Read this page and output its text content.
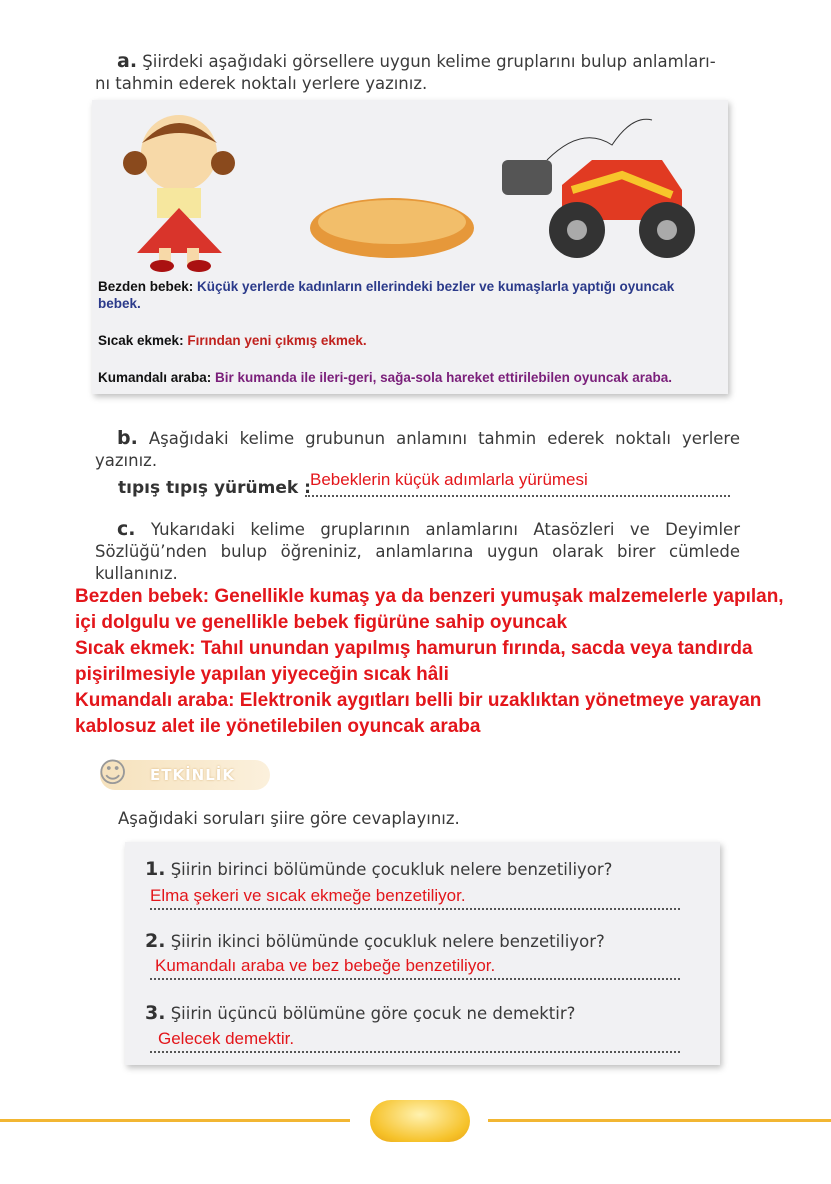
a. Şiirdeki aşağıdaki görsellere uygun kelime gruplarını bulup anlamları-
nı tahmin ederek noktalı yerlere yazınız.
Bezden bebek: Küçük yerlerde kadınların ellerindeki bezler ve kumaşlarla yaptığı oyuncak bebek.
Sıcak ekmek: Fırından yeni çıkmış ekmek.
Kumandalı araba: Bir kumanda ile ileri-geri, sağa-sola hareket ettirilebilen oyuncak araba.
b. Aşağıdaki kelime grubunun anlamını tahmin ederek noktalı yerlere yazınız.
tıpış tıpış yürümek : Bebeklerin küçük adımlarla yürümesi
c. Yukarıdaki kelime gruplarının anlamlarını Atasözleri ve Deyimler Sözlüğü’nden bulup öğreniniz, anlamlarına uygun olarak birer cümlede kullanınız.
Bezden bebek: Genellikle kumaş ya da benzeri yumuşak malzemelerle yapılan, içi dolgulu ve genellikle bebek figürüne sahip oyuncak
Sıcak ekmek: Tahıl unundan yapılmış hamurun fırında, sacda veya tandırda pişirilmesiyle yapılan yiyeceğin sıcak hâli
Kumandalı araba: Elektronik aygıtları belli bir uzaklıktan yönetmeye yarayan kablosuz alet ile yönetilebilen oyuncak araba
ETKİNLİK
☺
Aşağıdaki soruları şiire göre cevaplayınız.
1. Şiirin birinci bölümünde çocukluk nelere benzetiliyor?
Elma şekeri ve sıcak ekmeğe benzetiliyor.
2. Şiirin ikinci bölümünde çocukluk nelere benzetiliyor?
Kumandalı araba ve bez bebeğe benzetiliyor.
3. Şiirin üçüncü bölümüne göre çocuk ne demektir?
Gelecek demektir.
